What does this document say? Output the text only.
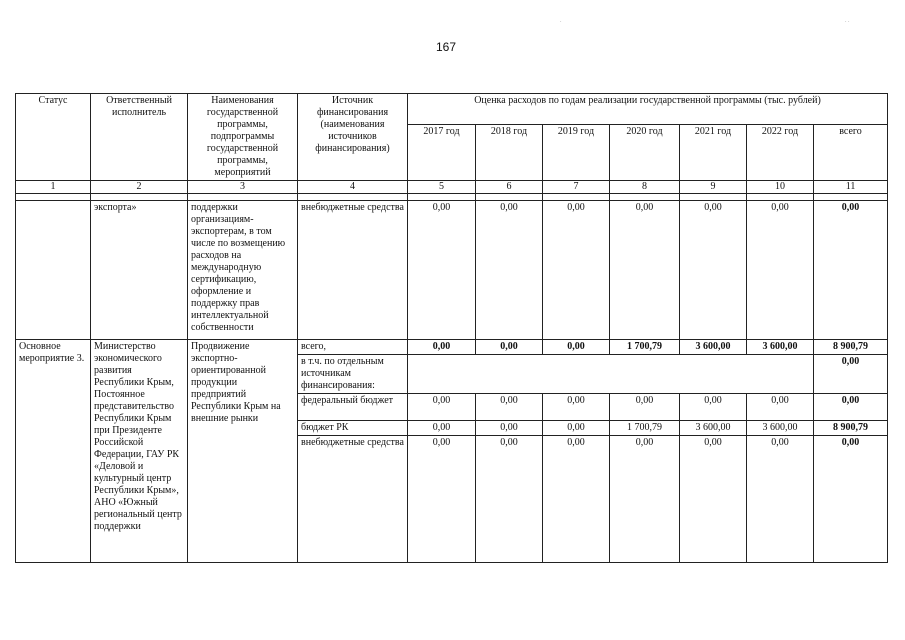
167
.	. .
Статус	Ответственный исполнитель	Наименования государственной программы, подпрограммы государственной программы, мероприятий	Источник финансирования (наименования источников финансирования)	Оценка расходов по годам реализации государственной программы (тыс. рублей)						
				2017 год	2018 год	2019 год	2020 год	2021 год	2022 год	всего
1	2	3	4	5	6	7	8	9	10	11

	экспорта»	поддержки организациям-экспортерам, в том числе по возмещению расходов на международную сертификацию, оформление и поддержку прав интеллектуальной собственности	внебюджетные средства	0,00	0,00	0,00	0,00	0,00	0,00	0,00
Основное мероприятие 3.	Министерство экономического развития Республики Крым, Постоянное представительство Республики Крым при Президенте Российской Федерации, ГАУ РК «Деловой и культурный центр Республики Крым», АНО «Южный региональный центр поддержки	Продвижение экспортно-ориентированной продукции предприятий Республики Крым на внешние рынки	всего,	0,00	0,00	0,00	1 700,79	3 600,00	3 600,00	8 900,79
			в т.ч. по отдельным источникам финансирования:							0,00
			федеральный бюджет	0,00	0,00	0,00	0,00	0,00	0,00	0,00
			бюджет РК	0,00	0,00	0,00	1 700,79	3 600,00	3 600,00	8 900,79
			внебюджетные средства	0,00	0,00	0,00	0,00	0,00	0,00	0,00
